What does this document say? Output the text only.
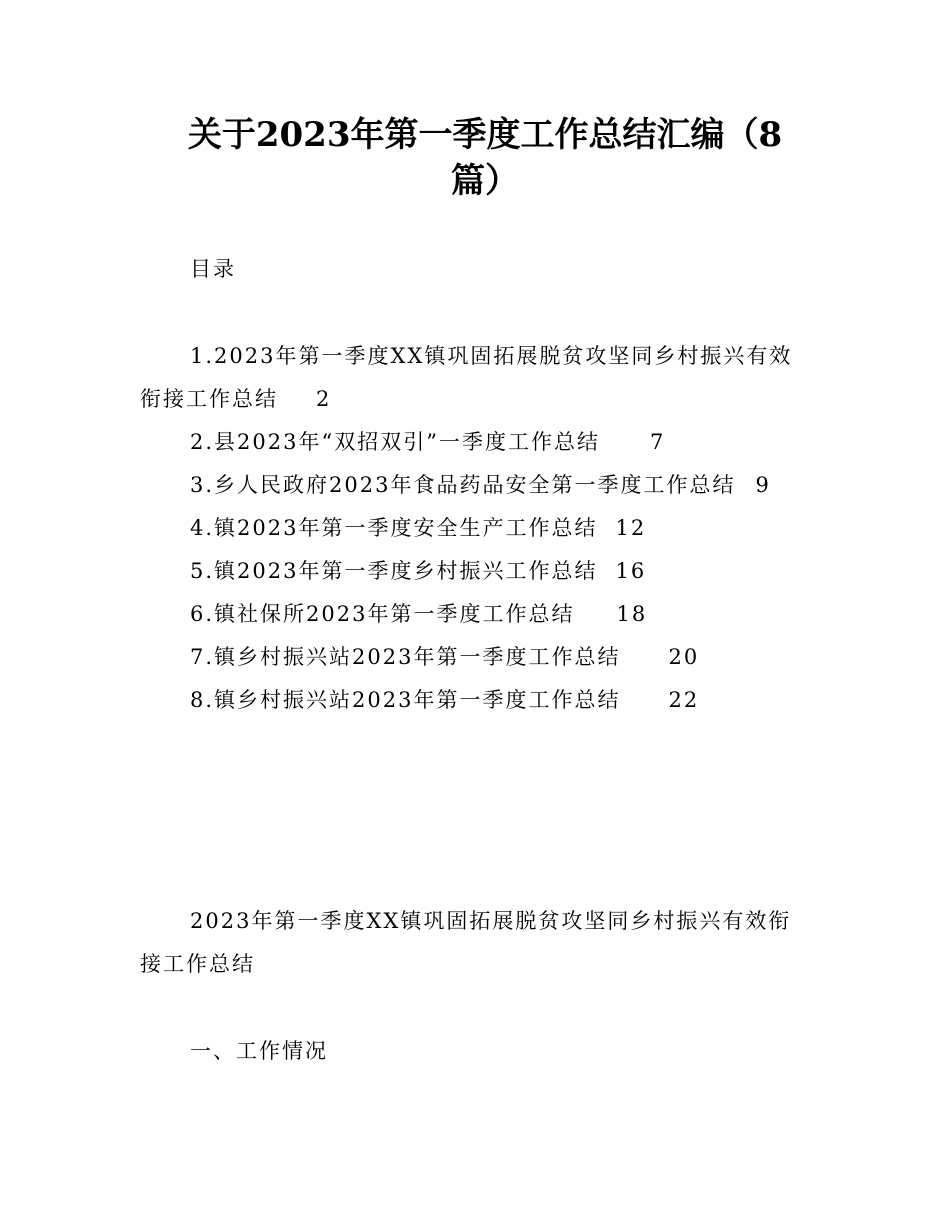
关于2023年第一季度工作总结汇编（8
篇）

目录

1.2023年第一季度XX镇巩固拓展脱贫攻坚同乡村振兴有效衔接工作总结 2
2.县2023年“双招双引”一季度工作总结 7
3.乡人民政府2023年食品药品安全第一季度工作总结 9
4.镇2023年第一季度安全生产工作总结 12
5.镇2023年第一季度乡村振兴工作总结 16
6.镇社保所2023年第一季度工作总结 18
7.镇乡村振兴站2023年第一季度工作总结 20
8.镇乡村振兴站2023年第一季度工作总结 22

2023年第一季度XX镇巩固拓展脱贫攻坚同乡村振兴有效衔接工作总结

一、工作情况
